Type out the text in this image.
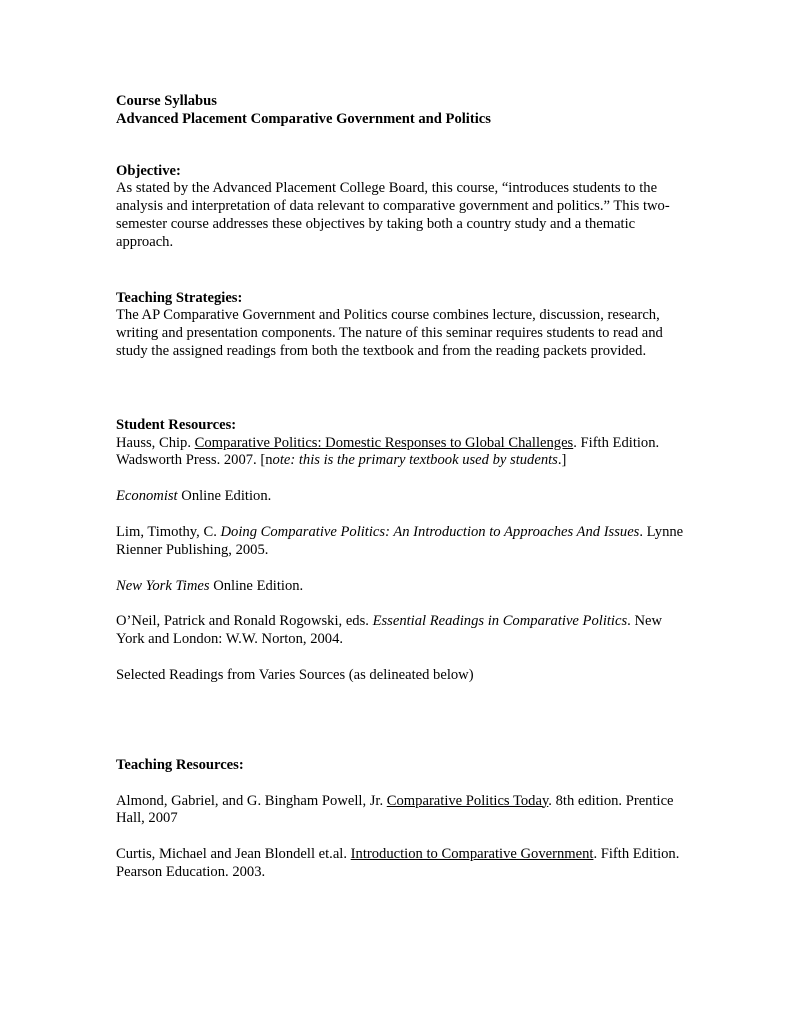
Course Syllabus

Advanced Placement Comparative Government and Politics

Objective:

As stated by the Advanced Placement College Board, this course, “introduces students to the analysis and interpretation of data relevant to comparative government and politics.” This two-semester course addresses these objectives by taking both a country study and a thematic approach.

Teaching Strategies:

The AP Comparative Government and Politics course combines lecture, discussion, research, writing and presentation components. The nature of this seminar requires students to read and study the assigned readings from both the textbook and from the reading packets provided.

Student Resources:

Hauss, Chip. Comparative Politics: Domestic Responses to Global Challenges. Fifth Edition. Wadsworth Press. 2007. [note: this is the primary textbook used by students.]

Economist Online Edition.

Lim, Timothy, C. Doing Comparative Politics: An Introduction to Approaches And Issues. Lynne Rienner Publishing, 2005.

New York Times Online Edition.

O’Neil, Patrick and Ronald Rogowski, eds. Essential Readings in Comparative Politics. New York and London: W.W. Norton, 2004.

Selected Readings from Varies Sources (as delineated below)

Teaching Resources:

Almond, Gabriel, and G. Bingham Powell, Jr. Comparative Politics Today. 8th edition. Prentice Hall, 2007

Curtis, Michael and Jean Blondell et.al. Introduction to Comparative Government. Fifth Edition. Pearson Education. 2003.
